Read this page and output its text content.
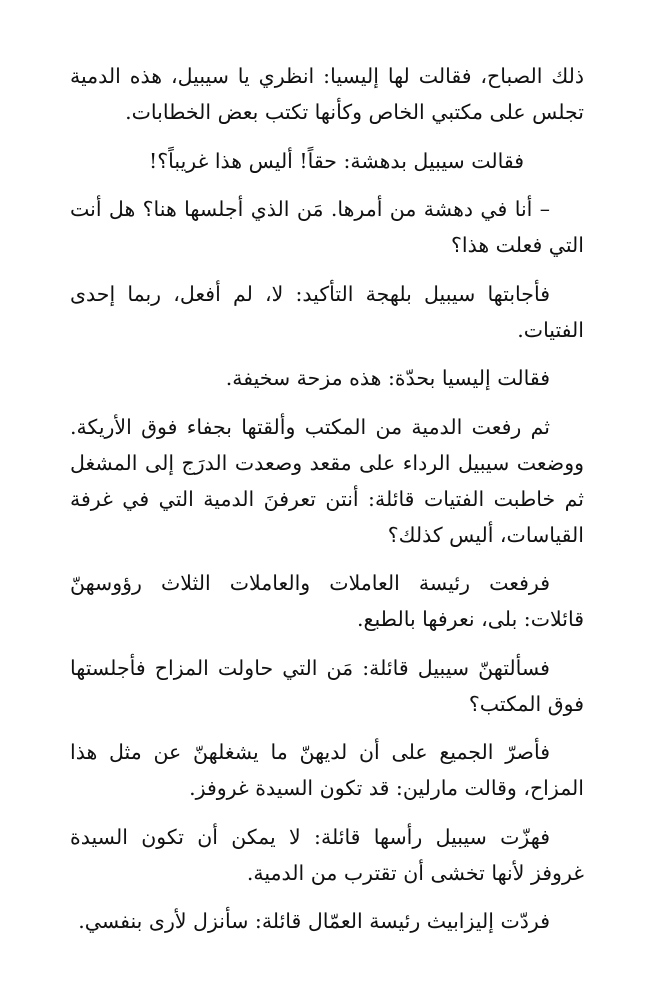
ذلك الصباح، فقالت لها إليسيا: انظري يا سيبيل، هذه الدمية تجلس على مكتبي الخاص وكأنها تكتب بعض الخطابات.

فقالت سيبيل بدهشة: حقاً! أليس هذا غريباً؟!

– أنا في دهشة من أمرها. مَن الذي أجلسها هنا؟ هل أنت التي فعلت هذا؟

فأجابتها سيبيل بلهجة التأكيد: لا، لم أفعل، ربما إحدى الفتيات.

فقالت إليسيا بحدّة: هذه مزحة سخيفة.

ثم رفعت الدمية من المكتب وألقتها بجفاء فوق الأريكة. ووضعت سيبيل الرداء على مقعد وصعدت الدرَج إلى المشغل ثم خاطبت الفتيات قائلة: أنتن تعرفنَ الدمية التي في غرفة القياسات، أليس كذلك؟

فرفعت رئيسة العاملات والعاملات الثلاث رؤوسهنّ قائلات: بلى، نعرفها بالطبع.

فسألتهنّ سيبيل قائلة: مَن التي حاولت المزاح فأجلستها فوق المكتب؟

فأصرّ الجميع على أن لديهنّ ما يشغلهنّ عن مثل هذا المزاح، وقالت مارلين: قد تكون السيدة غروفز.

فهزّت سيبيل رأسها قائلة: لا يمكن أن تكون السيدة غروفز لأنها تخشى أن تقترب من الدمية.

فردّت إليزابيث رئيسة العمّال قائلة: سأنزل لأرى بنفسي.
